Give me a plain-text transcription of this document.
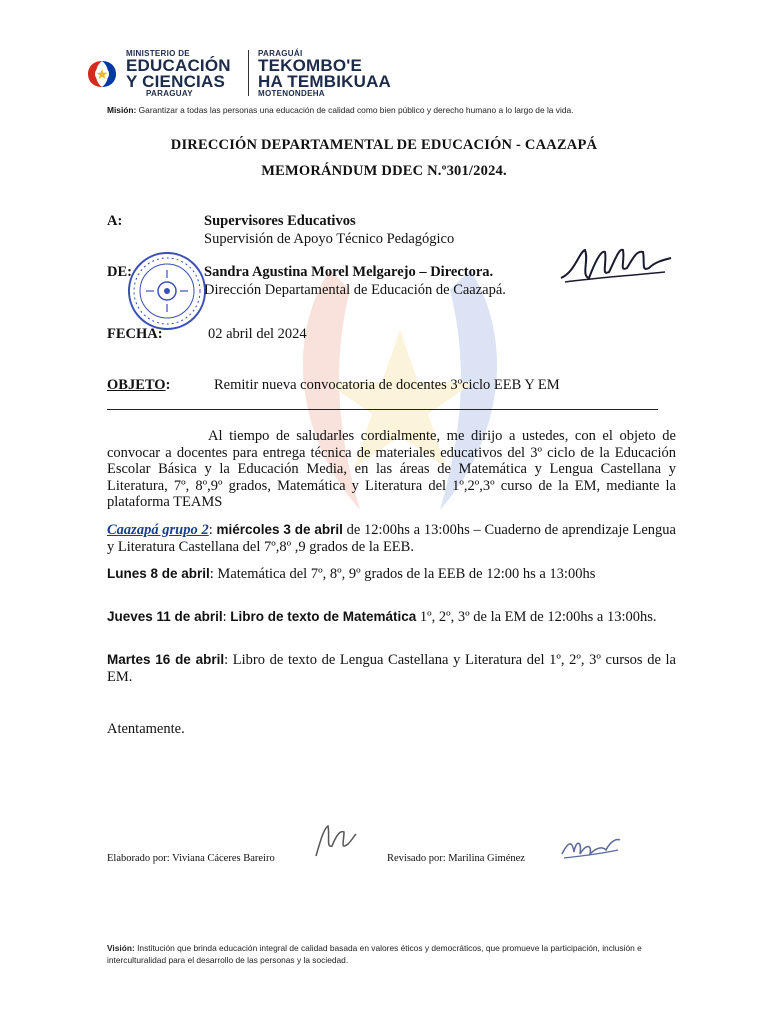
MINISTERIO DE
EDUCACIÓN
Y CIENCIAS
PARAGUAY
PARAGUÁI
TEKOMBO'E
HA TEMBIKUAA
MOTENONDEHA
Misión: Garantizar a todas las personas una educación de calidad como bien público y derecho humano a lo largo de la vida.
DIRECCIÓN DEPARTAMENTAL DE EDUCACIÓN - CAAZAPÁ
MEMORÁNDUM DDEC N.º301/2024.
A:	Supervisores Educativos
Supervisión de Apoyo Técnico Pedagógico
DE:	Sandra Agustina Morel Melgarejo – Directora.
Dirección Departamental de Educación de Caazapá.
FECHA:	02 abril del 2024
OBJETO:	Remitir nueva convocatoria de docentes 3ºciclo EEB Y EM
Al tiempo de saludarles cordialmente, me dirijo a ustedes, con el objeto de convocar a docentes para entrega técnica de materiales educativos del 3º ciclo de la Educación Escolar Básica y la Educación Media, en las áreas de Matemática y Lengua Castellana y Literatura, 7º, 8º,9º grados, Matemática y Literatura del 1º,2º,3º curso de la EM, mediante la plataforma TEAMS
Caazapá grupo 2: miércoles 3 de abril de 12:00hs a 13:00hs – Cuaderno de aprendizaje Lengua y Literatura Castellana del 7º,8º ,9 grados de la EEB.
Lunes 8 de abril: Matemática del 7º, 8º, 9º grados de la EEB de 12:00 hs a 13:00hs
Jueves 11 de abril: Libro de texto de Matemática 1º, 2º, 3º de la EM de 12:00hs a 13:00hs.
Martes 16 de abril: Libro de texto de Lengua Castellana y Literatura del 1º, 2º, 3º cursos de la EM.
Atentamente.
Elaborado por: Viviana Cáceres Bareiro	Revisado por: Marilina Giménez
Visión: Institución que brinda educación integral de calidad basada en valores éticos y democráticos, que promueve la participación, inclusión e interculturalidad para el desarrollo de las personas y la sociedad.
